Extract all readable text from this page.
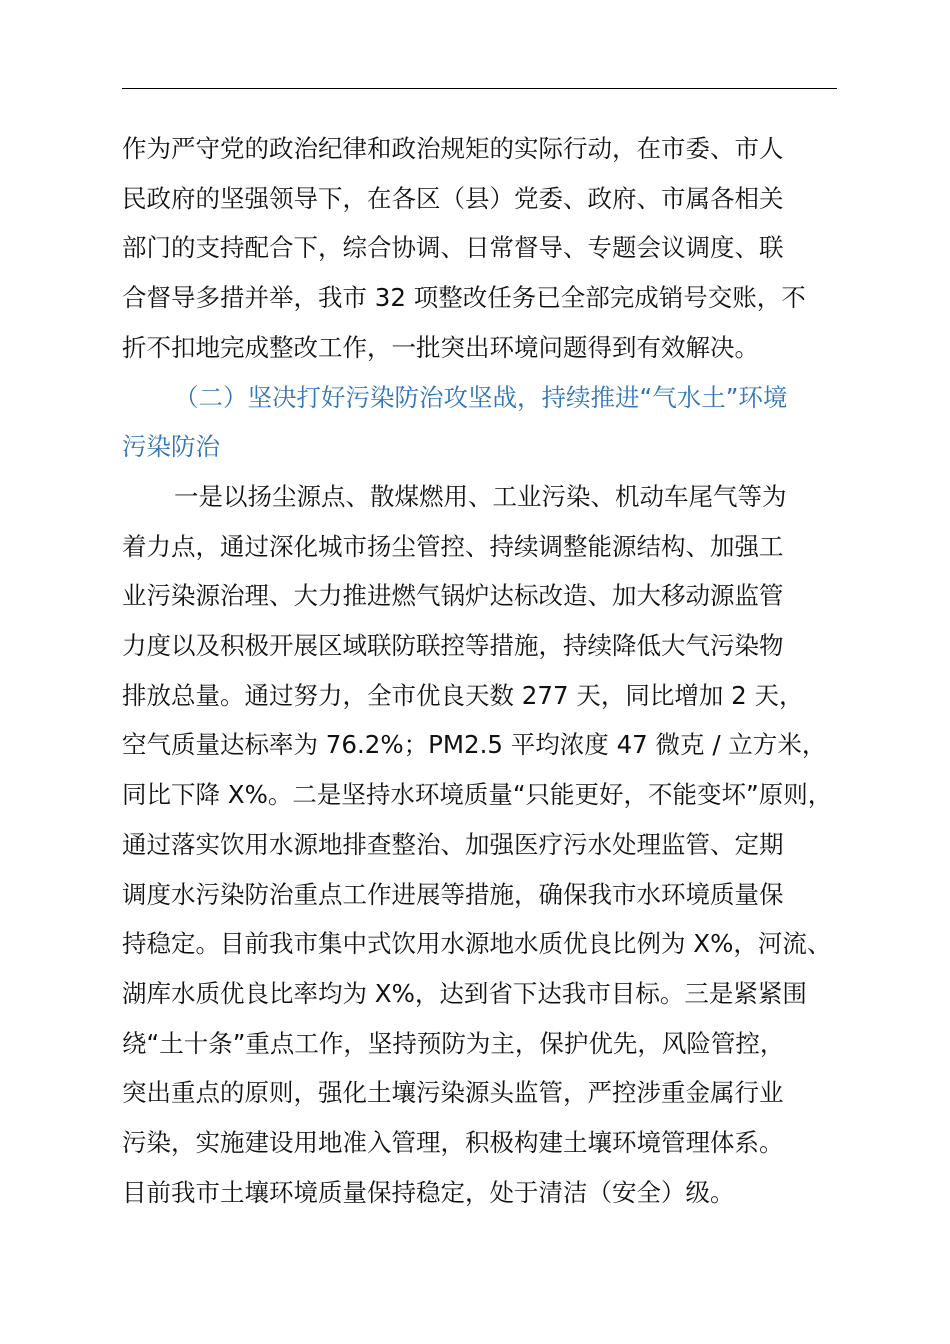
作为严守党的政治纪律和政治规矩的实际行动，在市委、市人
民政府的坚强领导下，在各区（县）党委、政府、市属各相关
部门的支持配合下，综合协调、日常督导、专题会议调度、联
合督导多措并举，我市 32 项整改任务已全部完成销号交账，不
折不扣地完成整改工作，一批突出环境问题得到有效解决。
（二）坚决打好污染防治攻坚战，持续推进“气水土”环境
污染防治
一是以扬尘源点、散煤燃用、工业污染、机动车尾气等为
着力点，通过深化城市扬尘管控、持续调整能源结构、加强工
业污染源治理、大力推进燃气锅炉达标改造、加大移动源监管
力度以及积极开展区域联防联控等措施，持续降低大气污染物
排放总量。通过努力，全市优良天数 277 天，同比增加 2 天，
空气质量达标率为 76.2%；PM2.5 平均浓度 47 微克 / 立方米，
同比下降 X%。二是坚持水环境质量“只能更好，不能变坏”原则，
通过落实饮用水源地排查整治、加强医疗污水处理监管、定期
调度水污染防治重点工作进展等措施，确保我市水环境质量保
持稳定。目前我市集中式饮用水源地水质优良比例为 X%，河流、
湖库水质优良比率均为 X%，达到省下达我市目标。三是紧紧围
绕“土十条”重点工作，坚持预防为主，保护优先，风险管控，
突出重点的原则，强化土壤污染源头监管，严控涉重金属行业
污染，实施建设用地准入管理，积极构建土壤环境管理体系。
目前我市土壤环境质量保持稳定，处于清洁（安全）级。
